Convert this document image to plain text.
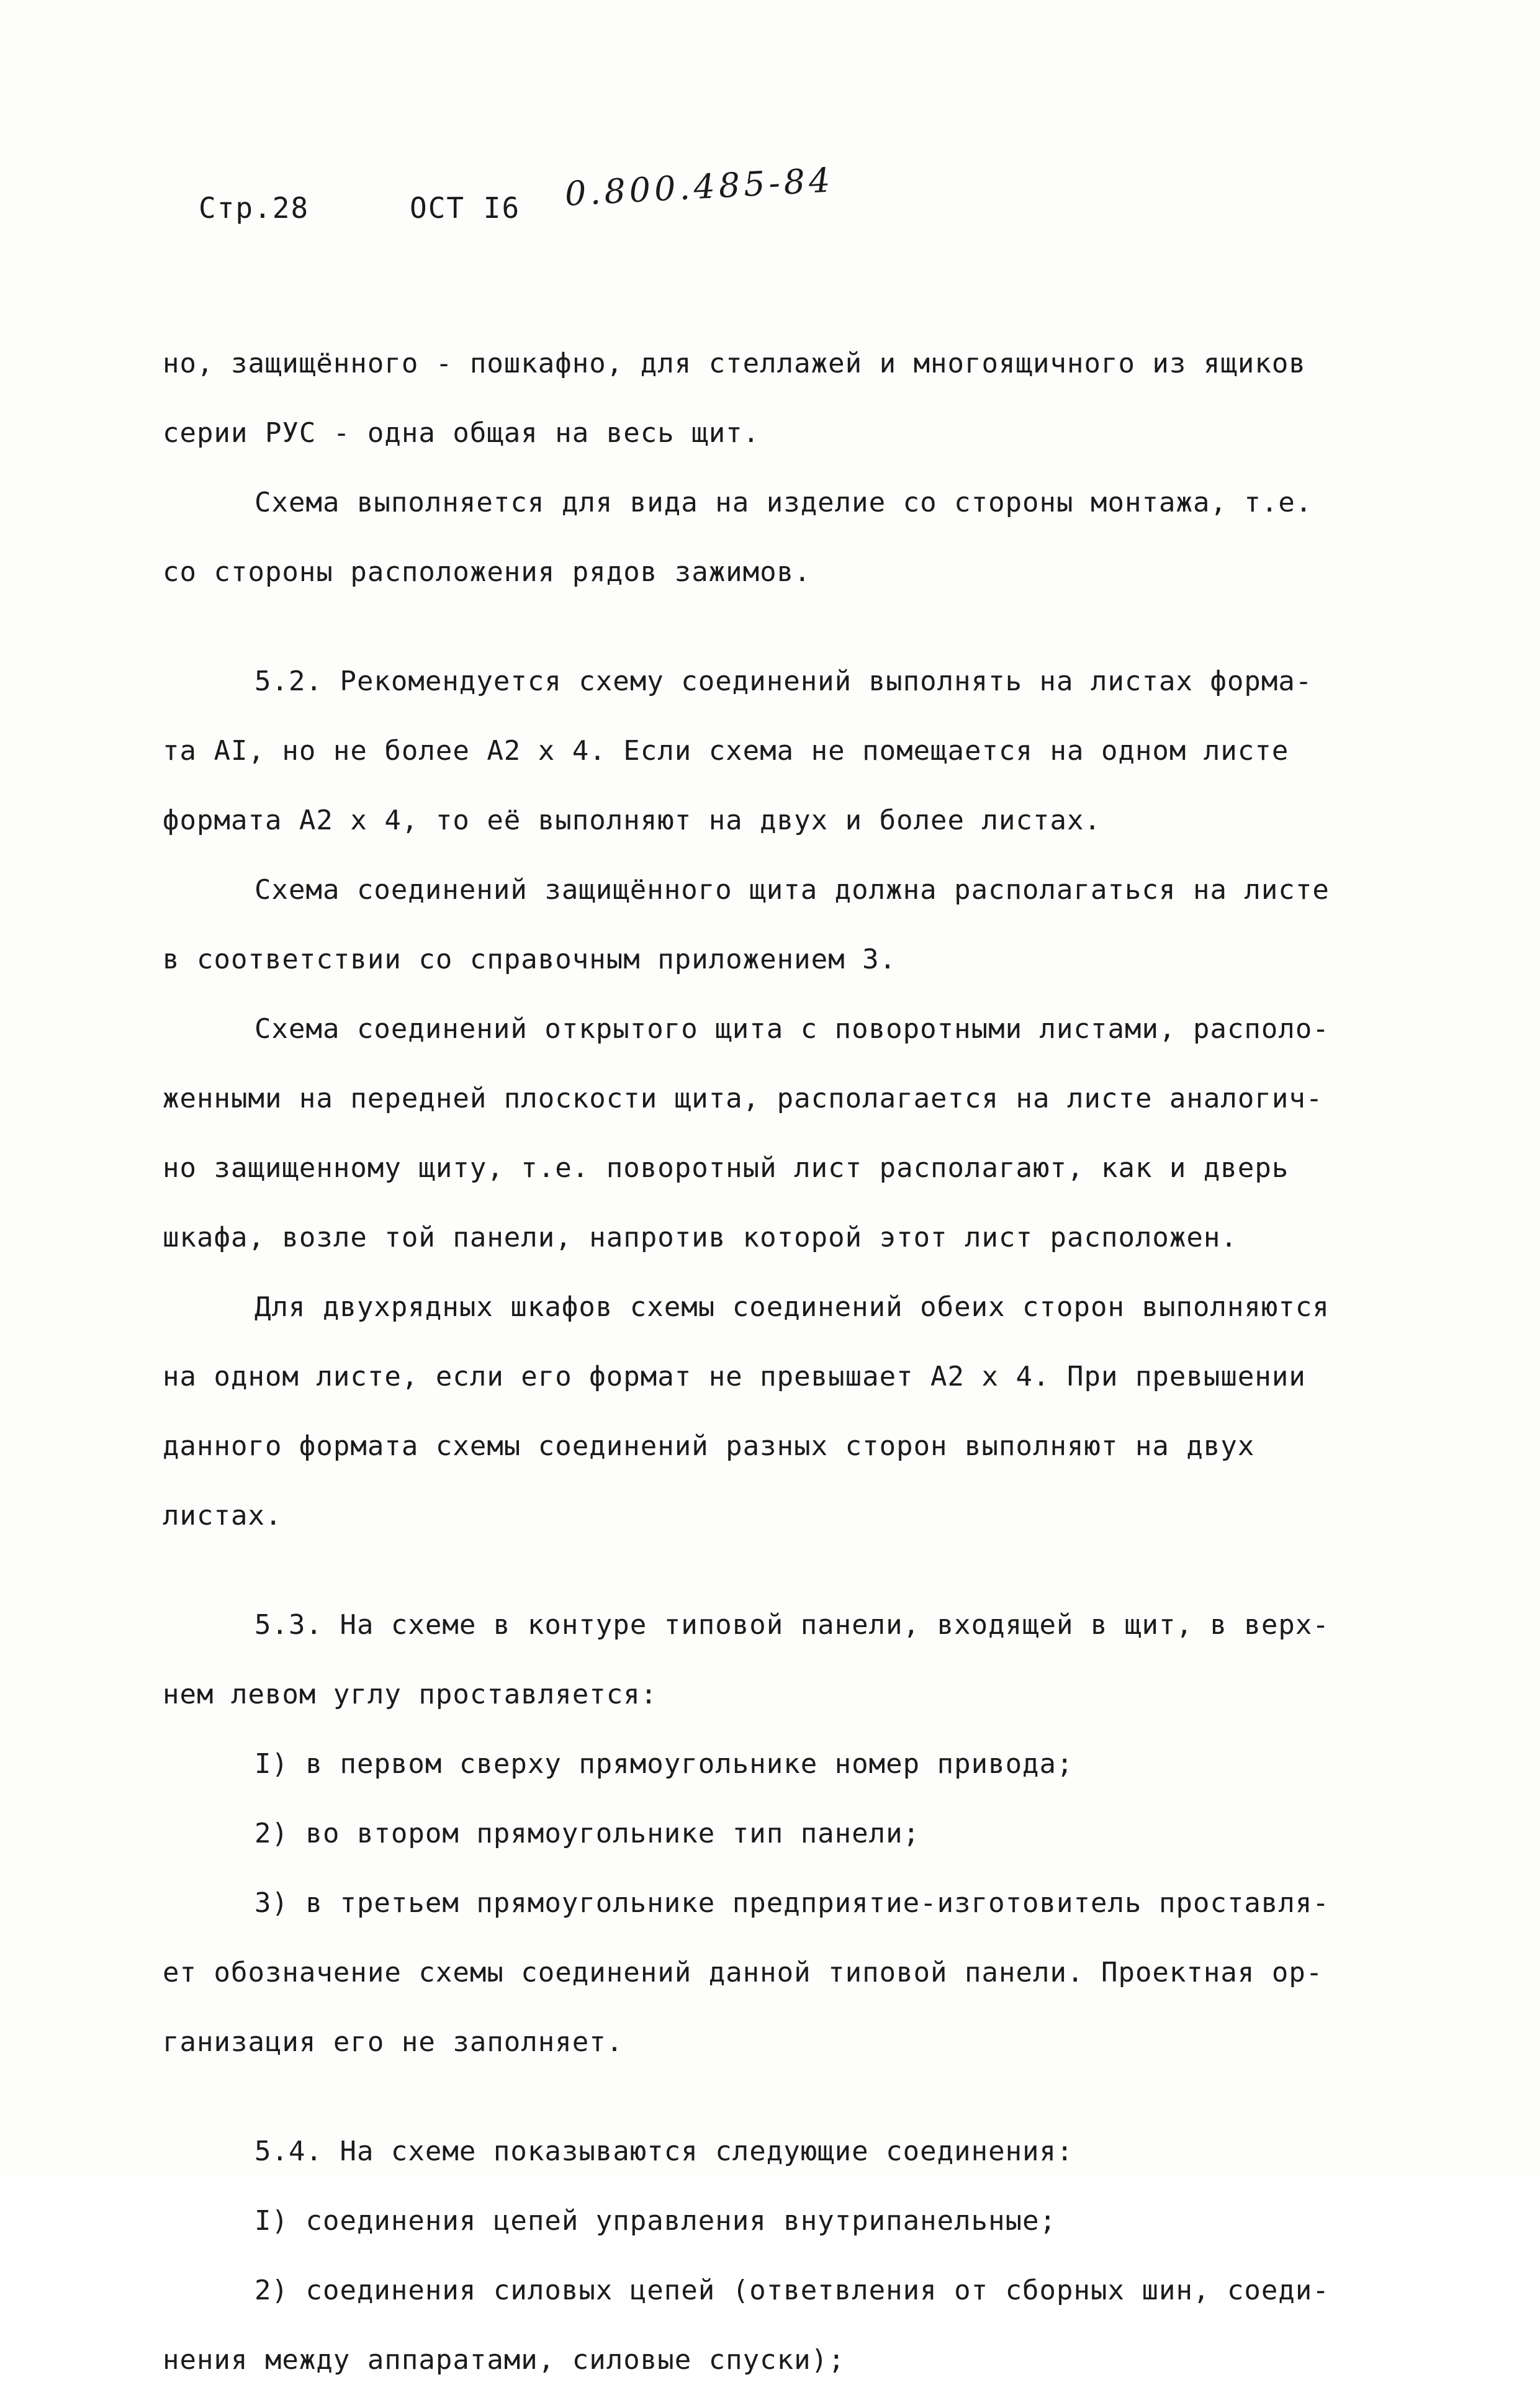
Стр.28	ОСТ I6 0.800.485-84
но, защищённого - пошкафно, для стеллажей и многоящичного из ящиков
серии РУС - одна общая на весь щит.
Схема выполняется для вида на изделие со стороны монтажа, т.е.
со стороны расположения рядов зажимов.
5.2. Рекомендуется схему соединений выполнять на листах форма-
та АI, но не более А2 х 4. Если схема не помещается на одном листе
формата А2 х 4, то её выполняют на двух и более листах.
Схема соединений защищённого щита должна располагаться на листе
в соответствии со справочным приложением 3.
Схема соединений открытого щита с поворотными листами, располо-
женными на передней плоскости щита, располагается на листе аналогич-
но защищенному щиту, т.е. поворотный лист располагают, как и дверь
шкафа, возле той панели, напротив которой этот лист расположен.
Для двухрядных шкафов схемы соединений обеих сторон выполняются
на одном листе, если его формат не превышает А2 х 4. При превышении
данного формата схемы соединений разных сторон выполняют на двух
листах.
5.3. На схеме в контуре типовой панели, входящей в щит, в верх-
нем левом углу проставляется:
I) в первом сверху прямоугольнике номер привода;
2) во втором прямоугольнике тип панели;
3) в третьем прямоугольнике предприятие-изготовитель проставля-
ет обозначение схемы соединений данной типовой панели. Проектная ор-
ганизация его не заполняет.
5.4. На схеме показываются следующие соединения:
I) соединения цепей управления внутрипанельные;
2) соединения силовых цепей (ответвления от сборных шин, соеди-
нения между аппаратами, силовые спуски);
